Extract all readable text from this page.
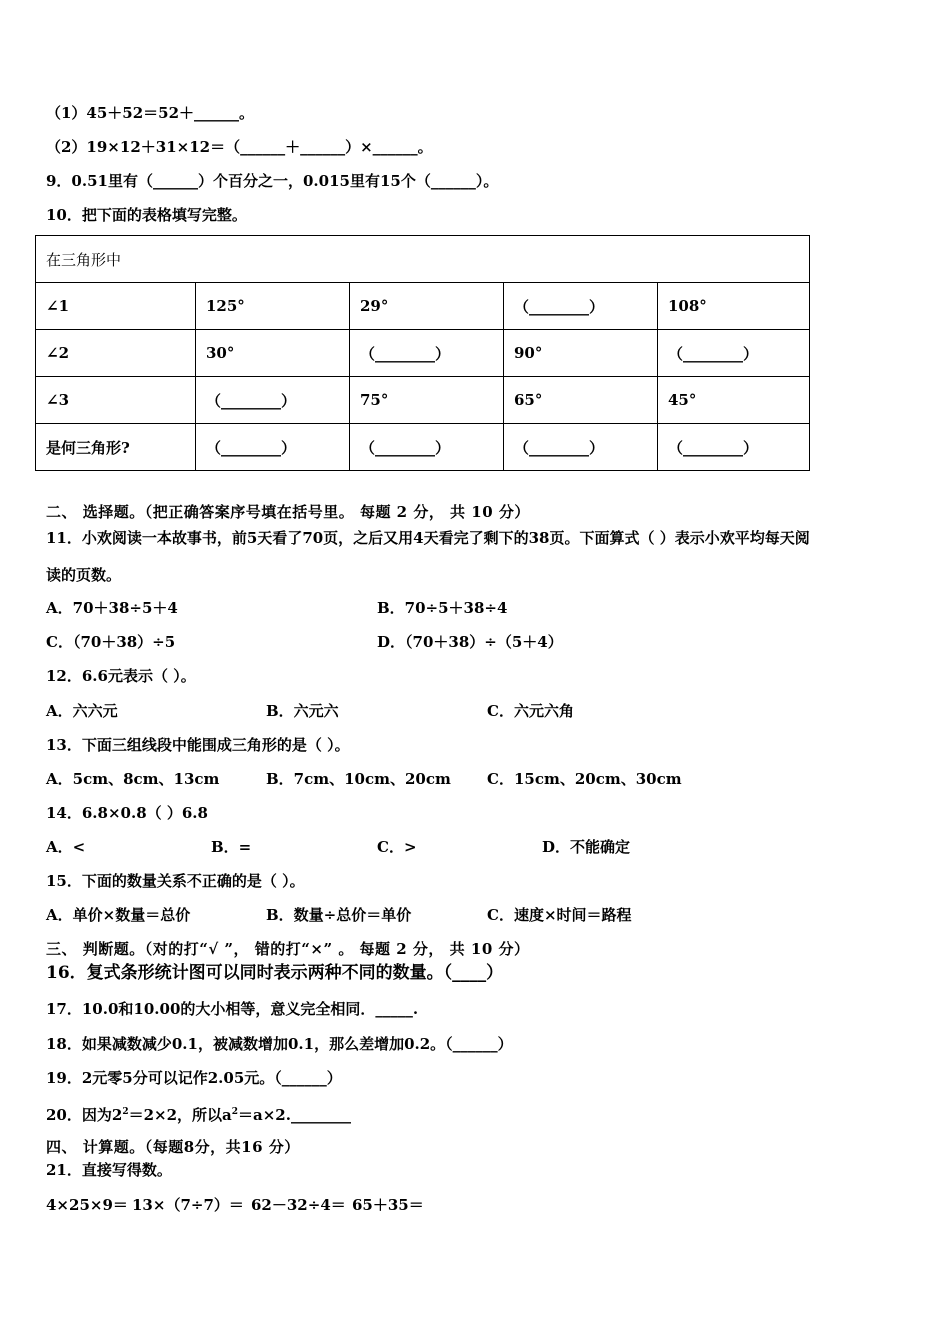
（1）45＋52＝52＋______。
（2）19×12＋31×12＝（______＋______）×______。
9．0.51里有（______）个百分之一，0.015里有15个（______）。
10．把下面的表格填写完整。
在三角形中				
∠1	125°	29°	（________）	108°
∠2	30°	（________）	90°	（________）
∠3	（________）	75°	65°	45°
是何三角形?	（________）	（________）	（________）	（________）
二、 选择题。（把正确答案序号填在括号里。 每题 2 分， 共 10 分）
11．小欢阅读一本故事书，前5天看了70页，之后又用4天看完了剩下的38页。下面算式（ ）表示小欢平均每天阅
读的页数。
A．70＋38÷5＋4	B．70÷5＋38÷4
C．（70＋38）÷5	D．（70＋38）÷（5＋4）
12．6.6元表示（ ）。
A．六六元	B．六元六	C．六元六角
13．下面三组线段中能围成三角形的是（ ）。
A．5cm、8cm、13cm	B．7cm、10cm、20cm C．15cm、20cm、30cm
14．6.8×0.8（ ）6.8
A．<	B．=	C．>	D．不能确定
15．下面的数量关系不正确的是（ ）。
A．单价×数量＝总价	B．数量÷总价＝单价	C．速度×时间＝路程
三、 判断题。（对的打“√ ”， 错的打“×” 。 每题 2 分， 共 10 分）
16．复式条形统计图可以同时表示两种不同的数量。（____）
17．10.0和10.00的大小相等，意义完全相同．_____.
18．如果减数减少0.1，被减数增加0.1，那么差增加0.2。（______）
19．2元零5分可以记作2.05元。（______）
20．因为$2^2=2\times 2$，所以$a^2=a\times 2.\_\_\_\_\_\_\_\_$
四、 计算题。（每题8分，共16 分）
21．直接写得数。
4×25×9＝ 13×（7÷7）＝ 62－32÷4＝ 65＋35＝
